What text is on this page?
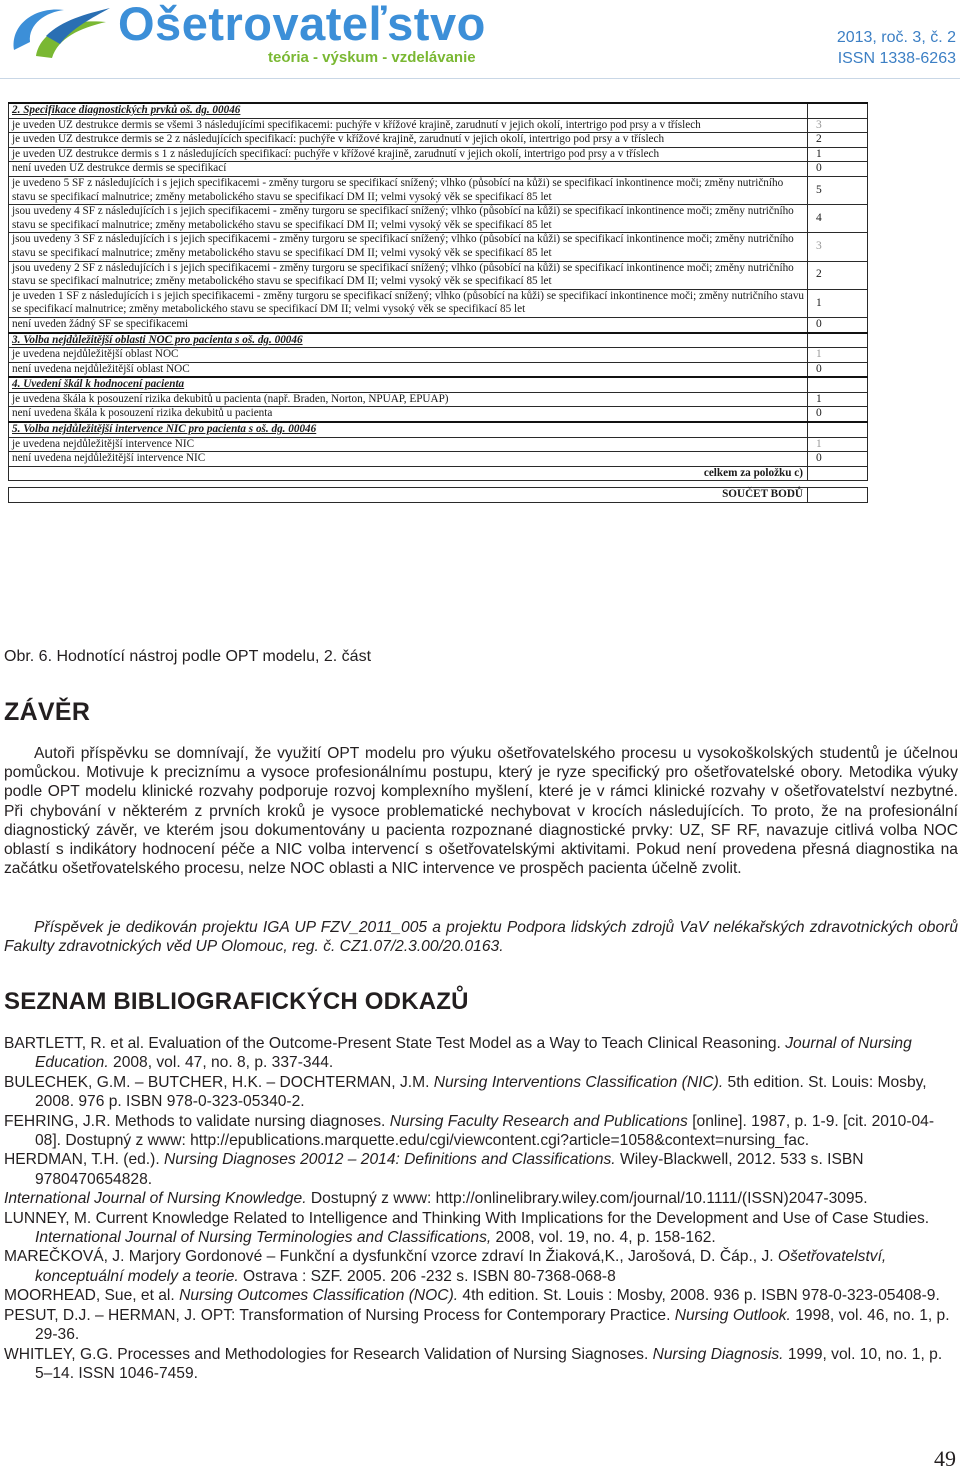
Ošetrovateľstvo
teória - výskum - vzdelávanie
2013, roč. 3, č. 2
ISSN 1338-6263
2. Specifikace diagnostických prvků oš. dg. 00046	
je uveden UZ destrukce dermis se všemi 3 následujícími specifikacemi: puchýře v křížové krajině, zarudnutí v jejich okolí, intertrigo pod prsy a v tříslech	3
je uveden UZ destrukce dermis se 2 z následujících specifikací: puchýře v křížové krajině, zarudnutí v jejich okolí, intertrigo pod prsy a v tříslech	2
je uveden UZ destrukce dermis s 1 z následujících specifikací: puchýře v křížové krajině, zarudnutí v jejich okolí, intertrigo pod prsy a v tříslech	1
není uveden UZ destrukce dermis se specifikací	0
je uvedeno 5 SF z následujících i s jejich specifikacemi - změny turgoru se specifikací snížený; vlhko (působící na kůži) se specifikací inkontinence moči; změny nutričního stavu se specifikací malnutrice; změny metabolického stavu se specifikací DM II; velmi vysoký věk se specifikací 85 let	5
jsou uvedeny 4 SF z následujících i s jejich specifikacemi - změny turgoru se specifikací snížený; vlhko (působící na kůži) se specifikací inkontinence moči; změny nutričního stavu se specifikací malnutrice; změny metabolického stavu se specifikací DM II; velmi vysoký věk se specifikací 85 let	4
jsou uvedeny 3 SF z následujících i s jejich specifikacemi - změny turgoru se specifikací snížený; vlhko (působící na kůži) se specifikací inkontinence moči; změny nutričního stavu se specifikací malnutrice; změny metabolického stavu se specifikací DM II; velmi vysoký věk se specifikací 85 let	3
jsou uvedeny 2 SF z následujících i s jejich specifikacemi - změny turgoru se specifikací snížený; vlhko (působící na kůži) se specifikací inkontinence moči; změny nutričního stavu se specifikací malnutrice; změny metabolického stavu se specifikací DM II; velmi vysoký věk se specifikací 85 let	2
je uveden 1 SF z následujících i s jejich specifikacemi - změny turgoru se specifikací snížený; vlhko (působící na kůži) se specifikací inkontinence moči; změny nutričního stavu se specifikací malnutrice; změny metabolického stavu se specifikací DM II; velmi vysoký věk se specifikací 85 let	1
není uveden žádný SF se specifikacemi	0
3. Volba nejdůležitější oblasti NOC pro pacienta s oš. dg. 00046	
je uvedena nejdůležitější oblast NOC	1
není uvedena nejdůležitější oblast NOC	0
4. Uvedení škál k hodnocení pacienta	
je uvedena škála k posouzení rizika dekubitů u pacienta (např. Braden, Norton, NPUAP, EPUAP)	1
není uvedena škála k posouzení rizika dekubitů u pacienta	0
5. Volba nejdůležitější intervence NIC pro pacienta s oš. dg. 00046	
je uvedena nejdůležitější intervence NIC	1
není uvedena nejdůležitější intervence NIC	0
celkem za položku c)	

SOUČET BODŮ	
Obr. 6. Hodnotící nástroj podle OPT modelu, 2. část
ZÁVĚR

Autoři příspěvku se domnívají, že využití OPT modelu pro výuku ošetřovatelského procesu u vysokoškolských studentů je účelnou pomůckou. Motivuje k preciznímu a vysoce profesionálnímu postupu, který je ryze specifický pro ošetřovatelské obory. Metodika výuky podle OPT modelu klinické rozvahy podporuje rozvoj komplexního myšlení, které je v rámci klinické rozvahy v ošetřovatelství nezbytné. Při chybování v některém z prvních kroků je vysoce problematické nechybovat v krocích následujících. To proto, že na profesionální diagnostický závěr, ve kterém jsou dokumentovány u pacienta rozpoznané diagnostické prvky: UZ, SF RF, navazuje citlivá volba NOC oblastí s indikátory hodnocení péče a NIC volba intervencí s ošetřovatelskými aktivitami. Pokud není provedena přesná diagnostika na začátku ošetřovatelského procesu, nelze NOC oblasti a NIC intervence ve prospěch pacienta účelně zvolit.

Příspěvek je dedikován projektu IGA UP FZV_2011_005 a projektu Podpora lidských zdrojů VaV nelékařských zdravotnických oborů Fakulty zdravotnických věd UP Olomouc, reg. č. CZ1.07/2.3.00/20.0163.
SEZNAM BIBLIOGRAFICKÝCH ODKAZŮ
BARTLETT, R. et al. Evaluation of the Outcome-Present State Test Model as a Way to Teach Clinical Reasoning. Journal of Nursing Education. 2008, vol. 47, no. 8, p. 337-344.
BULECHEK, G.M. – BUTCHER, H.K. – DOCHTERMAN, J.M. Nursing Interventions Classification (NIC). 5th edition. St. Louis: Mosby, 2008. 976 p. ISBN 978-0-323-05340-2.
FEHRING, J.R. Methods to validate nursing diagnoses. Nursing Faculty Research and Publications [online]. 1987, p. 1-9. [cit. 2010-04-08]. Dostupný z www: http://epublications.marquette.edu/cgi/viewcontent.cgi?article=1058&context=nursing_fac.
HERDMAN, T.H. (ed.). Nursing Diagnoses 20012 – 2014: Definitions and Classifications. Wiley-Blackwell, 2012. 533 s. ISBN 9780470654828.
International Journal of Nursing Knowledge. Dostupný z www: http://onlinelibrary.wiley.com/journal/10.1111/(ISSN)2047-3095.
LUNNEY, M. Current Knowledge Related to Intelligence and Thinking With Implications for the Development and Use of Case Studies. International Journal of Nursing Terminologies and Classifications, 2008, vol. 19, no. 4, p. 158-162.
MAREČKOVÁ, J. Marjory Gordonové – Funkční a dysfunkční vzorce zdraví In Žiaková,K., Jarošová, D. Čáp., J. Ošetřovatelství, konceptuální modely a teorie. Ostrava : SZF. 2005. 206 -232 s. ISBN 80-7368-068-8
MOORHEAD, Sue, et al. Nursing Outcomes Classification (NOC). 4th edition. St. Louis : Mosby, 2008. 936 p. ISBN 978-0-323-05408-9.
PESUT, D.J. – HERMAN, J. OPT: Transformation of Nursing Process for Contemporary Practice. Nursing Outlook. 1998, vol. 46, no. 1, p. 29-36.
WHITLEY, G.G. Processes and Methodologies for Research Validation of Nursing Siagnoses. Nursing Diagnosis. 1999, vol. 10, no. 1, p. 5–14. ISSN 1046-7459.
49
